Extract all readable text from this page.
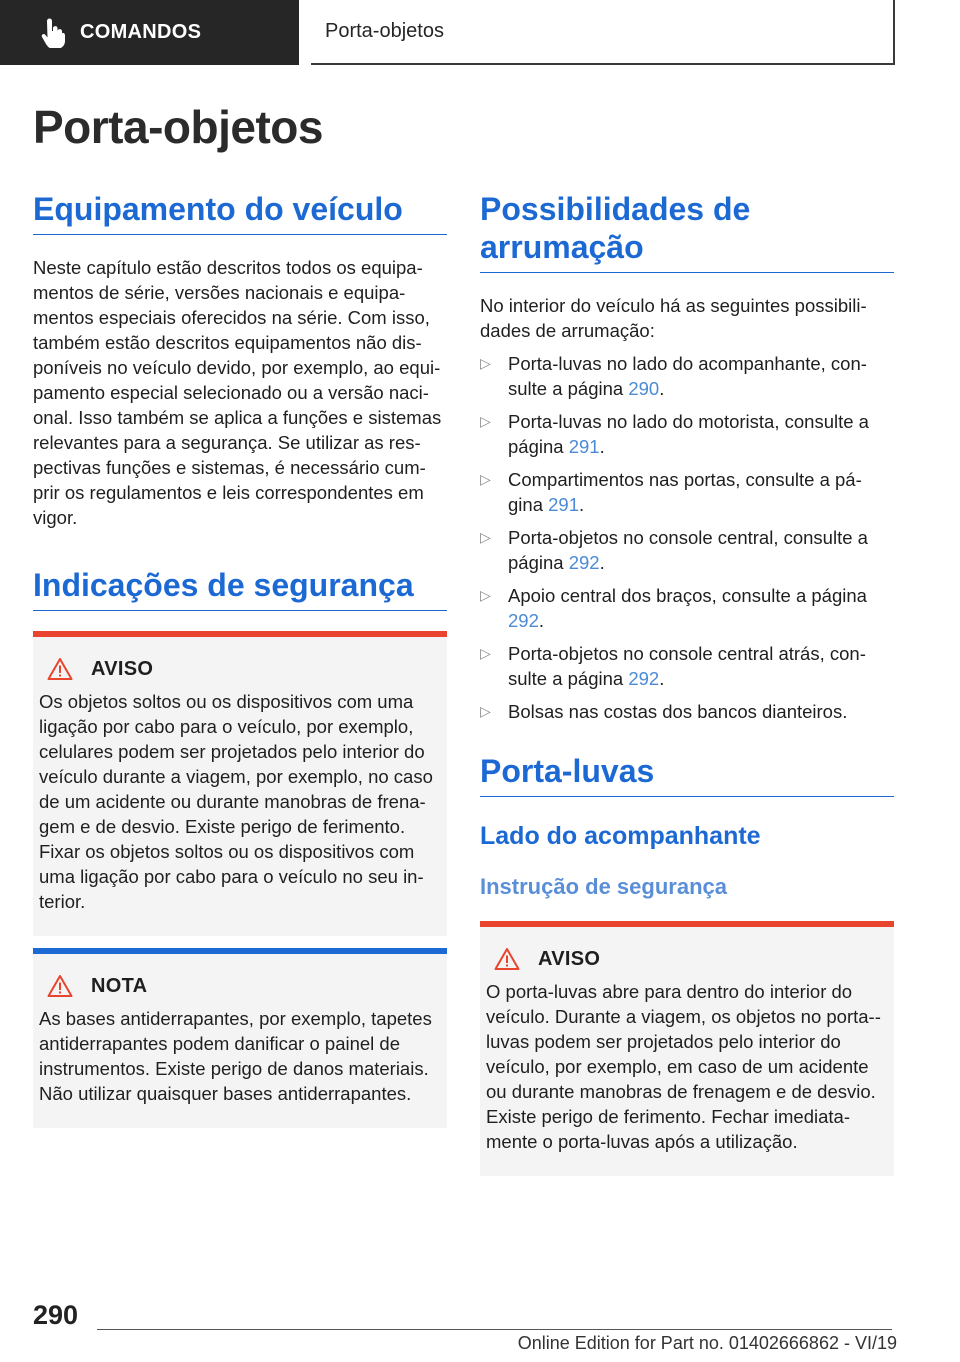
COMANDOS	Porta-objetos
Porta-objetos
Equipamento do veículo

Neste capítulo estão descritos todos os equipa-mentos de série, versões nacionais e equipa-mentos especiais oferecidos na série. Com isso, também estão descritos equipamentos não dis-poníveis no veículo devido, por exemplo, ao equi-pamento especial selecionado ou a versão naci-onal. Isso também se aplica a funções e sistemas relevantes para a segurança. Se utilizar as res-pectivas funções e sistemas, é necessário cum-prir os regulamentos e leis correspondentes em vigor.

Indicações de segurança
AVISO

Os objetos soltos ou os dispositivos com uma ligação por cabo para o veículo, por exemplo, celulares podem ser projetados pelo interior do veículo durante a viagem, por exemplo, no caso de um acidente ou durante manobras de frena-gem e de desvio. Existe perigo de ferimento. Fixar os objetos soltos ou os dispositivos com uma ligação por cabo para o veículo no seu in-terior.

NOTA

As bases antiderrapantes, por exemplo, tapetes antiderrapantes podem danificar o painel de instrumentos. Existe perigo de danos materiais. Não utilizar quaisquer bases antiderrapantes.

Possibilidades de arrumação

No interior do veículo há as seguintes possibili-dades de arrumação:

▷ Porta-luvas no lado do acompanhante, con-sulte a página 290.
▷ Porta-luvas no lado do motorista, consulte a página 291.
▷ Compartimentos nas portas, consulte a pá-gina 291.
▷ Porta-objetos no console central, consulte a página 292.
▷ Apoio central dos braços, consulte a página 292.
▷ Porta-objetos no console central atrás, con-sulte a página 292.
▷ Bolsas nas costas dos bancos dianteiros.
Porta-luvas
Lado do acompanhante
Instrução de segurança
AVISO

O porta-luvas abre para dentro do interior do veículo. Durante a viagem, os objetos no porta--luvas podem ser projetados pelo interior do veículo, por exemplo, em caso de um acidente ou durante manobras de frenagem e de desvio. Existe perigo de ferimento. Fechar imediata-mente o porta-luvas após a utilização.

290
Online Edition for Part no. 01402666862 - VI/19
